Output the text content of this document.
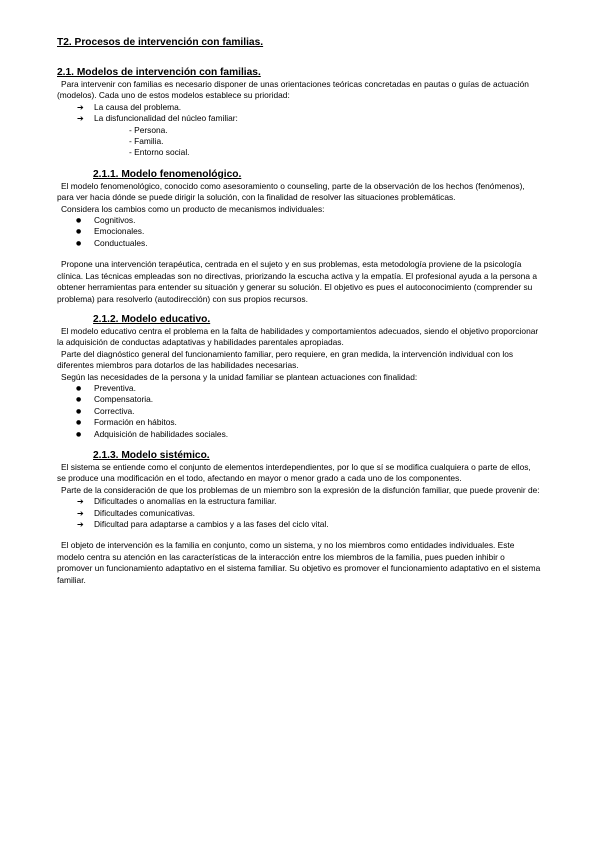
T2. Procesos de intervención con familias.

2.1. Modelos de intervención con familias.

Para intervenir con familias es necesario disponer de unas orientaciones teóricas concretadas en pautas o guías de actuación (modelos). Cada uno de estos modelos establece su prioridad:

➔ La causa del problema.
➔ La disfuncionalidad del núcleo familiar:
- Persona.
- Familia.
- Entorno social.

2.1.1. Modelo fenomenológico.

El modelo fenomenológico, conocido como asesoramiento o counseling, parte de la observación de los hechos (fenómenos), para ver hacia dónde se puede dirigir la solución, con la finalidad de resolver las situaciones problemáticas.

Considera los cambios como un producto de mecanismos individuales:

● Cognitivos.
● Emocionales.
● Conductuales.

Propone una intervención terapéutica, centrada en el sujeto y en sus problemas, esta metodología proviene de la psicología clínica. Las técnicas empleadas son no directivas, priorizando la escucha activa y la empatía. El profesional ayuda a la persona a obtener herramientas para entender su situación y generar su solución. El objetivo es pues el autoconocimiento (comprender su problema) para resolverlo (autodirección) con sus propios recursos.

2.1.2. Modelo educativo.

El modelo educativo centra el problema en la falta de habilidades y comportamientos adecuados, siendo el objetivo proporcionar la adquisición de conductas adaptativas y habilidades parentales apropiadas.

Parte del diagnóstico general del funcionamiento familiar, pero requiere, en gran medida, la intervención individual con los diferentes miembros para dotarlos de las habilidades necesarias.

Según las necesidades de la persona y la unidad familiar se plantean actuaciones con finalidad:

● Preventiva.
● Compensatoria.
● Correctiva.
● Formación en hábitos.
● Adquisición de habilidades sociales.

2.1.3. Modelo sistémico.

El sistema se entiende como el conjunto de elementos interdependientes, por lo que sí se modifica cualquiera o parte de ellos, se produce una modificación en el todo, afectando en mayor o menor grado a cada uno de los componentes.

Parte de la consideración de que los problemas de un miembro son la expresión de la disfunción familiar, que puede provenir de:

➔ Dificultades o anomalías en la estructura familiar.
➔ Dificultades comunicativas.
➔ Dificultad para adaptarse a cambios y a las fases del ciclo vital.

El objeto de intervención es la familia en conjunto, como un sistema, y no los miembros como entidades individuales. Este modelo centra su atención en las características de la interacción entre los miembros de la familia, pues pueden inhibir o promover un funcionamiento adaptativo en el sistema familiar. Su objetivo es promover el funcionamiento adaptativo en el sistema familiar.
